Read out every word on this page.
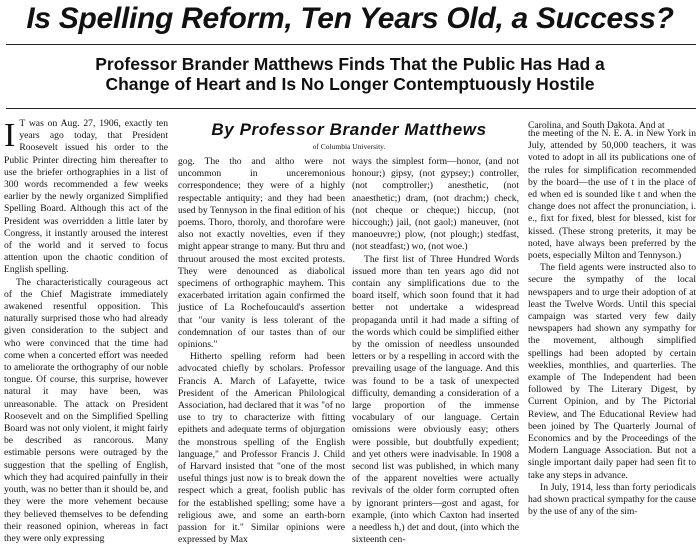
Is Spelling Reform, Ten Years Old, a Success?
Professor Brander Matthews Finds That the Public Has Had a
Change of Heart and Is No Longer Contemptuously Hostile

I T was on Aug. 27, 1906, exactly ten years ago today, that President Roosevelt issued his order to the Public Printer directing him thereafter to use the briefer orthographies in a list of 300 words recommended a few weeks earlier by the newly organized Simplified Spelling Board. Although this act of the President was overridden a little later by Congress, it instantly aroused the interest of the world and it served to focus attention upon the chaotic condition of English spelling.

The characteristically courageous act of the Chief Magistrate immediately awakened resentful opposition. This naturally surprised those who had already given consideration to the subject and who were convinced that the time had come when a concerted effort was needed to ameliorate the orthography of our noble tongue. Of course, this surprise, however natural it may have been, was unreasonable. The attack on President Roosevelt and on the Simplified Spelling Board was not only violent, it might fairly be described as rancorous. Many estimable persons were outraged by the suggestion that the spelling of English, which they had acquired painfully in their youth, was no better than it should be, and they were the more vehement because they believed themselves to be defending their reasoned opinion, whereas in fact they were only expressing

By Professor Brander Matthews
of Columbia University.

gog. The tho and altho were not uncommon in unceremonious correspondence; they were of a highly respectable antiquity; and they had been used by Tennyson in the final edition of his poems. Thoro, thoroly, and thorofare were also not exactly novelties, even if they might appear strange to many. But thru and thruout aroused the most excited protests. They were denounced as diabolical specimens of orthographic mayhem. This exacerbated irritation again confirmed the justice of La Rochefoucauld's assertion that "our vanity is less tolerant of the condemnation of our tastes than of our opinions."

Hitherto spelling reform had been advocated chiefly by scholars. Professor Francis A. March of Lafayette, twice President of the American Philological Association, had declared that it was "of no use to try to characterize with fitting epithets and adequate terms of objurgation the monstrous spelling of the English language," and Professor Francis J. Child of Harvard insisted that "one of the most useful things just now is to break down the respect which a great, foolish public has for the established spelling; some have a religious awe, and some an earth-born passion for it." Similar opinions were expressed by Max

ways the simplest form—honor, (and not honour;) gipsy, (not gypsey;) controller, (not comptroller;) anesthetic, (not anaesthetic;) dram, (not drachm;) check, (not cheque or cheque;) hiccup, (not hiccough;) jail, (not gaol;) maneuver, (not manoeuvre;) plow, (not plough;) stedfast, (not steadfast;) wo, (not woe.)

The first list of Three Hundred Words issued more than ten years ago did not contain any simplifications due to the board itself, which soon found that it had better not undertake a widespread propaganda until it had made a sifting of the words which could be simplified either by the omission of needless unsounded letters or by a respelling in accord with the prevailing usage of the language. And this was found to be a task of unexpected difficulty, demanding a consideration of a large proportion of the immense vocabulary of our language. Certain omissions were obviously easy; others were possible, but doubtfully expedient; and yet others were inadvisable. In 1908 a second list was published, in which many of the apparent novelties were actually revivals of the older form corrupted often by ignorant printers—gost and agast, for example, (into which Caxton had inserted a needless h,) det and dout, (into which the sixteenth cen-

Carolina, and South Dakota. And at

the meeting of the N. E. A. in New York in July, attended by 50,000 teachers, it was voted to adopt in all its publications one of the rules for simplification recommended by the board—the use of t in the place of ed when ed is sounded like t and when the change does not affect the pronunciation, i. e., fixt for fixed, blest for blessed, kist for kissed. (These strong preterits, it may be noted, have always been preferred by the poets, especially Milton and Tennyson.)

The field agents were instructed also to secure the sympathy of the local newspapers and to urge their adoption of at least the Twelve Words. Until this special campaign was started very few daily newspapers had shown any sympathy for the movement, although simplified spellings had been adopted by certain weeklies, monthlies, and quarterlies. The example of The Independent had been followed by The Literary Digest, by Current Opinion, and by The Pictorial Review, and The Educational Review had been joined by The Quarterly Journal of Economics and by the Proceedings of the Modern Language Association. But not a single important daily paper had seen fit to take any steps in advance.

In July, 1914, less than forty periodicals had shown practical sympathy for the cause by the use of any of the sim-
